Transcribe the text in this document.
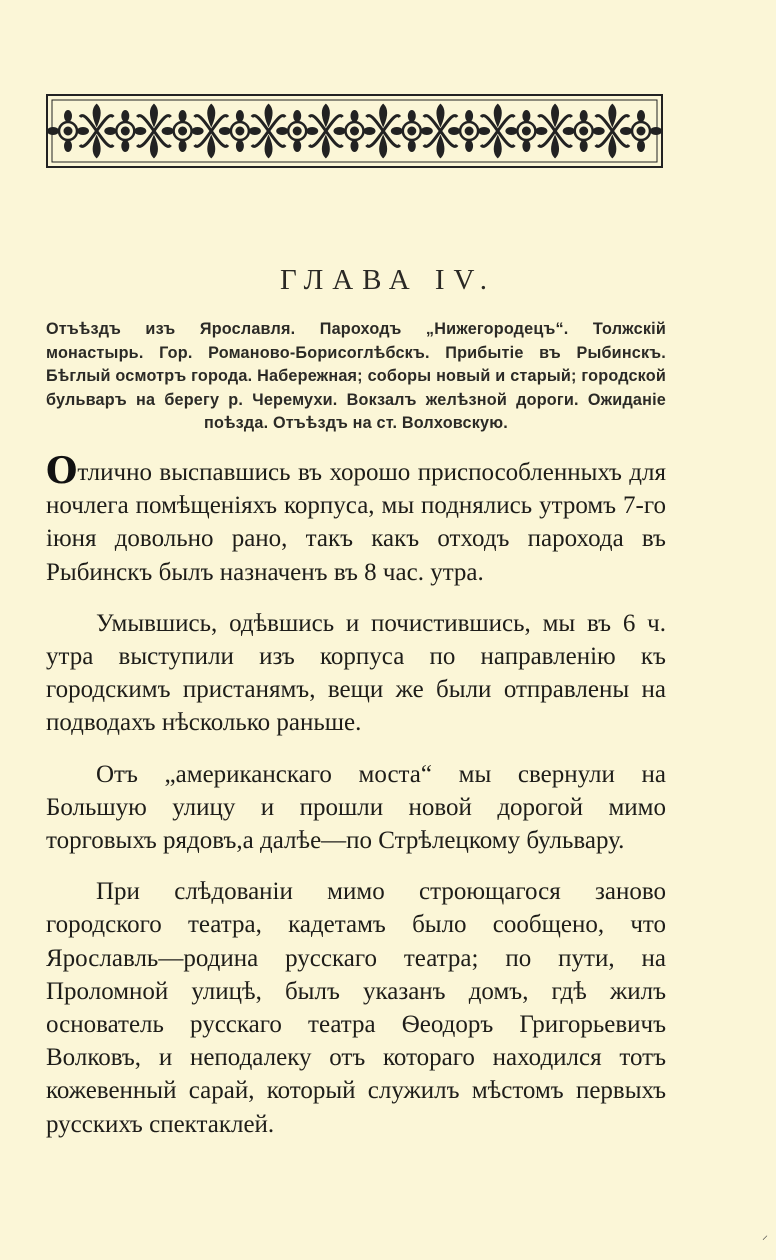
ГЛАВА IV.
Отъѣздъ изъ Ярославля. Пароходъ „Нижегородецъ“. Толжскій монастырь. Гор. Романово-Борисоглѣбскъ. Прибытіе въ Рыбинскъ. Бѣглый осмотръ города. Набережная; соборы новый и старый; городской бульваръ на берегу р. Черемухи. Вокзалъ желѣзной дороги. Ожиданіе поѣзда. Отъѣздъ на ст. Волховскую.

Отлично выспавшись въ хорошо приспособленныхъ для ночлега помѣщеніяхъ корпуса, мы поднялись утромъ 7-го іюня довольно рано, такъ какъ отходъ парохода въ Рыбинскъ былъ назначенъ въ 8 час. утра.

Умывшись, одѣвшись и почистившись, мы въ 6 ч. утра выступили изъ корпуса по направленію къ городскимъ пристанямъ, вещи же были отправлены на подводахъ нѣсколько раньше.

Отъ „американскаго моста“ мы свернули на Большую улицу и прошли новой дорогой мимо торговыхъ рядовъ,а далѣе—по Стрѣлецкому бульвару.

При слѣдованіи мимо строющагося заново городского театра, кадетамъ было сообщено, что Ярославль—родина русскаго театра; по пути, на Проломной улицѣ, былъ указанъ домъ, гдѣ жилъ основатель русскаго театра Ѳеодоръ Григорьевичъ Волковъ, и неподалеку отъ котораго находился тотъ кожевенный сарай, который служилъ мѣстомъ первыхъ русскихъ спектаклей.

⸝
